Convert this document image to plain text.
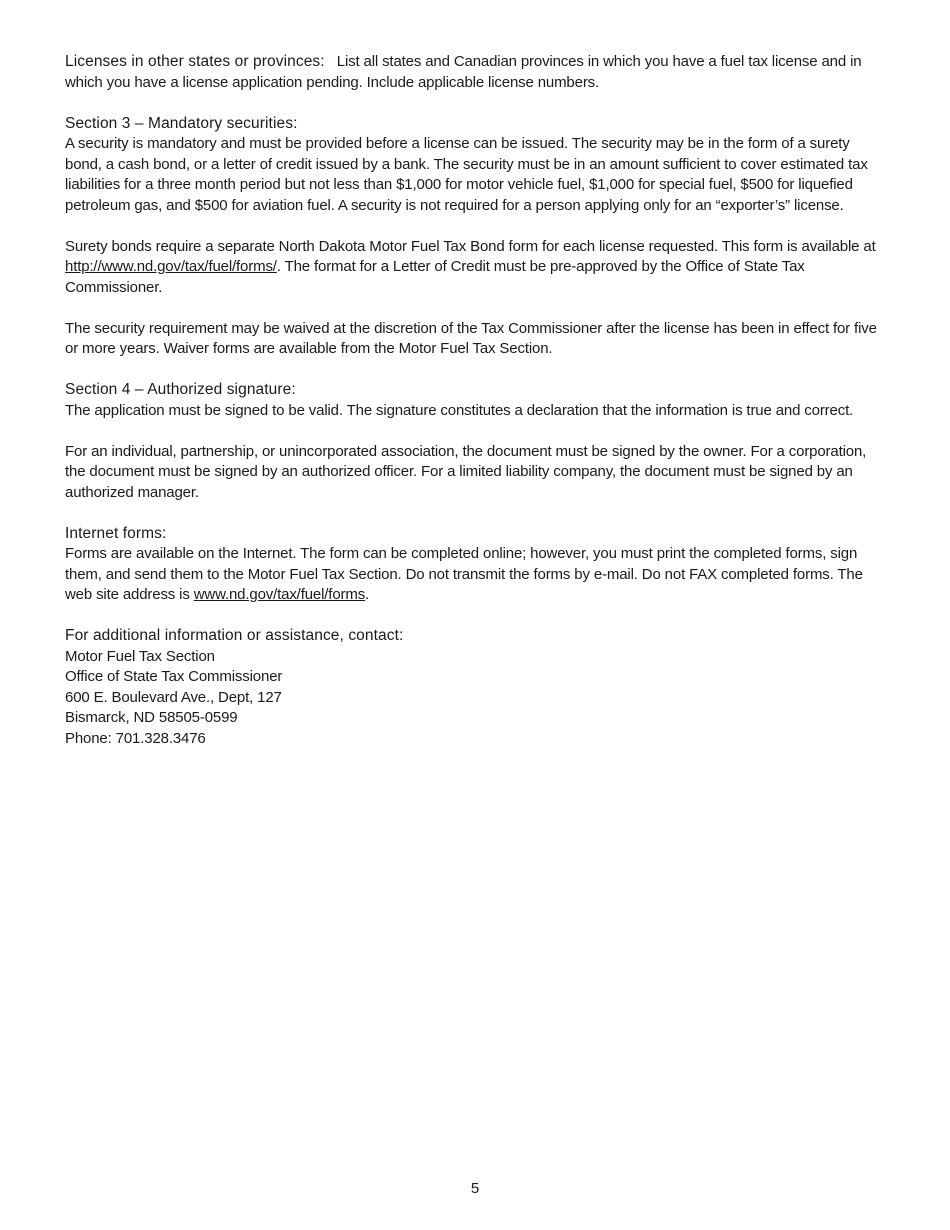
Licenses in other states or provinces: List all states and Canadian provinces in which you have a fuel tax license and in which you have a license application pending. Include applicable license numbers.

Section 3 – Mandatory securities:
A security is mandatory and must be provided before a license can be issued. The security may be in the form of a surety bond, a cash bond, or a letter of credit issued by a bank. The security must be in an amount sufficient to cover estimated tax liabilities for a three month period but not less than $1,000 for motor vehicle fuel, $1,000 for special fuel, $500 for liquefied petroleum gas, and $500 for aviation fuel. A security is not required for a person applying only for an “exporter’s” license.

Surety bonds require a separate North Dakota Motor Fuel Tax Bond form for each license requested. This form is available at http://www.nd.gov/tax/fuel/forms/. The format for a Letter of Credit must be pre-approved by the Office of State Tax Commissioner.

The security requirement may be waived at the discretion of the Tax Commissioner after the license has been in effect for five or more years. Waiver forms are available from the Motor Fuel Tax Section.

Section 4 – Authorized signature:
The application must be signed to be valid. The signature constitutes a declaration that the information is true and correct.

For an individual, partnership, or unincorporated association, the document must be signed by the owner. For a corporation, the document must be signed by an authorized officer. For a limited liability company, the document must be signed by an authorized manager.

Internet forms:
Forms are available on the Internet. The form can be completed online; however, you must print the completed forms, sign them, and send them to the Motor Fuel Tax Section. Do not transmit the forms by e-mail. Do not FAX completed forms. The web site address is www.nd.gov/tax/fuel/forms.

For additional information or assistance, contact:
Motor Fuel Tax Section
Office of State Tax Commissioner
600 E. Boulevard Ave., Dept, 127
Bismarck, ND 58505-0599
Phone: 701.328.3476
5
